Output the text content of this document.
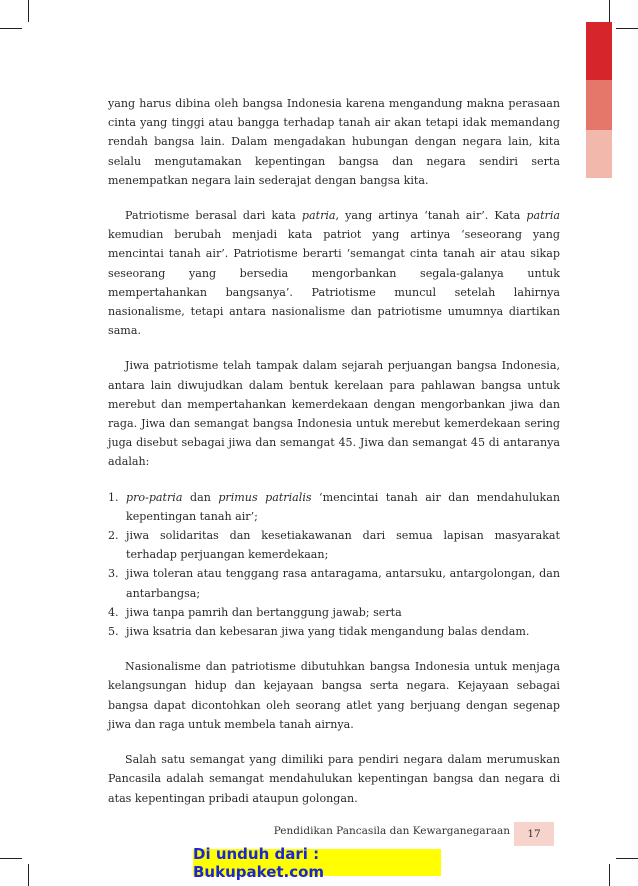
yang harus dibina oleh bangsa Indonesia karena mengandung makna perasaan cinta yang tinggi atau bangga terhadap tanah air akan tetapi idak memandang rendah bangsa lain. Dalam mengadakan hubungan dengan negara lain, kita selalu mengutamakan kepentingan bangsa dan negara sendiri serta menempatkan negara lain sederajat dengan bangsa kita.

Patriotisme berasal dari kata patria, yang artinya ‘tanah air’. Kata patria kemudian berubah menjadi kata patriot yang artinya ‘seseorang yang mencintai tanah air’. Patriotisme berarti ‘semangat cinta tanah air atau sikap seseorang yang bersedia mengorbankan segala-galanya untuk mempertahankan bangsanya’. Patriotisme muncul setelah lahirnya nasionalisme, tetapi antara nasionalisme dan patriotisme umumnya diartikan sama.

Jiwa patriotisme telah tampak dalam sejarah perjuangan bangsa Indonesia, antara lain diwujudkan dalam bentuk kerelaan para pahlawan bangsa untuk merebut dan mempertahankan kemerdekaan dengan mengorbankan jiwa dan raga. Jiwa dan semangat bangsa Indonesia untuk merebut kemerdekaan sering juga disebut sebagai jiwa dan semangat 45. Jiwa dan semangat 45 di antaranya adalah:

1. pro-patria dan primus patrialis ‘mencintai tanah air dan mendahulukan kepentingan tanah air’;
2. jiwa solidaritas dan kesetiakawanan dari semua lapisan masyarakat terhadap perjuangan kemerdekaan;
3. jiwa toleran atau tenggang rasa antaragama, antarsuku, antargolongan, dan antarbangsa;
4. jiwa tanpa pamrih dan bertanggung jawab; serta
5. jiwa ksatria dan kebesaran jiwa yang tidak mengandung balas dendam.

Nasionalisme dan patriotisme dibutuhkan bangsa Indonesia untuk menjaga kelangsungan hidup dan kejayaan bangsa serta negara. Kejayaan sebagai bangsa dapat dicontohkan oleh seorang atlet yang berjuang dengan segenap jiwa dan raga untuk membela tanah airnya.

Salah satu semangat yang dimiliki para pendiri negara dalam merumuskan Pancasila adalah semangat mendahulukan kepentingan bangsa dan negara di atas kepentingan pribadi ataupun golongan.

Pendidikan Pancasila dan Kewarganegaraan 17
Di unduh dari : Bukupaket.com
